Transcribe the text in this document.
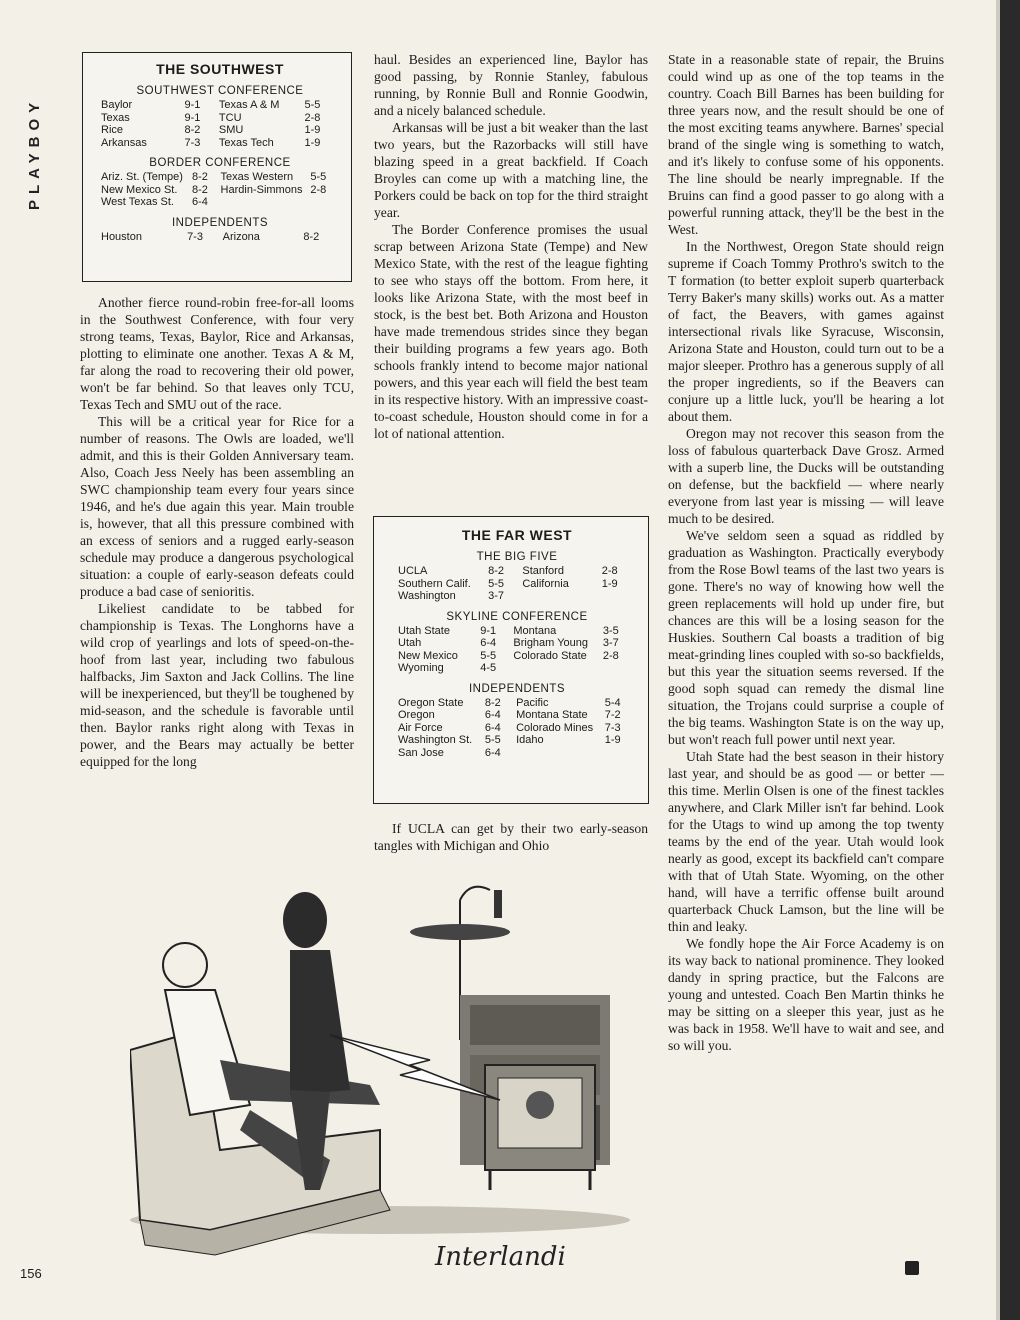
PLAYBOY
THE SOUTHWEST
SOUTHWEST CONFERENCE
Baylor	9-1	Texas A & M	5-5
Texas	9-1	TCU	2-8
Rice	8-2	SMU	1-9
Arkansas	7-3	Texas Tech	1-9
BORDER CONFERENCE
Ariz. St. (Tempe)	8-2	Texas Western	5-5
New Mexico St.	8-2	Hardin-Simmons	2-8
West Texas St.	6-4		
INDEPENDENTS
Houston	7-3	Arizona	8-2

Another fierce round-robin free-for-all looms in the Southwest Conference, with four very strong teams, Texas, Baylor, Rice and Arkansas, plotting to eliminate one another. Texas A & M, far along the road to recovering their old power, won't be far behind. So that leaves only TCU, Texas Tech and SMU out of the race.

This will be a critical year for Rice for a number of reasons. The Owls are loaded, we'll admit, and this is their Golden Anniversary team. Also, Coach Jess Neely has been assembling an SWC championship team every four years since 1946, and he's due again this year. Main trouble is, however, that all this pressure combined with an excess of seniors and a rugged early-season schedule may produce a dangerous psychological situation: a couple of early-season defeats could produce a bad case of senioritis.

Likeliest candidate to be tabbed for championship is Texas. The Longhorns have a wild crop of yearlings and lots of speed-on-the-hoof from last year, including two fabulous halfbacks, Jim Saxton and Jack Collins. The line will be inexperienced, but they'll be toughened by mid-season, and the schedule is favorable until then. Baylor ranks right along with Texas in power, and the Bears may actually be better equipped for the long

haul. Besides an experienced line, Baylor has good passing, by Ronnie Stanley, fabulous running, by Ronnie Bull and Ronnie Goodwin, and a nicely balanced schedule.

Arkansas will be just a bit weaker than the last two years, but the Razorbacks will still have blazing speed in a great backfield. If Coach Broyles can come up with a matching line, the Porkers could be back on top for the third straight year.

The Border Conference promises the usual scrap between Arizona State (Tempe) and New Mexico State, with the rest of the league fighting to see who stays off the bottom. From here, it looks like Arizona State, with the most beef in stock, is the best bet. Both Arizona and Houston have made tremendous strides since they began their building programs a few years ago. Both schools frankly intend to become major national powers, and this year each will field the best team in its respective history. With an impressive coast-to-coast schedule, Houston should come in for a lot of national attention.

THE FAR WEST
THE BIG FIVE
UCLA	8-2	Stanford	2-8
Southern Calif.	5-5	California	1-9
Washington	3-7		
SKYLINE CONFERENCE
Utah State	9-1	Montana	3-5
Utah	6-4	Brigham Young	3-7
New Mexico	5-5	Colorado State	2-8
Wyoming	4-5		
INDEPENDENTS
Oregon State	8-2	Pacific	5-4
Oregon	6-4	Montana State	7-2
Air Force	6-4	Colorado Mines	7-3
Washington St.	5-5	Idaho	1-9
San Jose	6-4		

If UCLA can get by their two early-season tangles with Michigan and Ohio

State in a reasonable state of repair, the Bruins could wind up as one of the top teams in the country. Coach Bill Barnes has been building for three years now, and the result should be one of the most exciting teams anywhere. Barnes' special brand of the single wing is something to watch, and it's likely to confuse some of his opponents. The line should be nearly impregnable. If the Bruins can find a good passer to go along with a powerful running attack, they'll be the best in the West.

In the Northwest, Oregon State should reign supreme if Coach Tommy Prothro's switch to the T formation (to better exploit superb quarterback Terry Baker's many skills) works out. As a matter of fact, the Beavers, with games against intersectional rivals like Syracuse, Wisconsin, Arizona State and Houston, could turn out to be a major sleeper. Prothro has a generous supply of all the proper ingredients, so if the Beavers can conjure up a little luck, you'll be hearing a lot about them.

Oregon may not recover this season from the loss of fabulous quarterback Dave Grosz. Armed with a superb line, the Ducks will be outstanding on defense, but the backfield — where nearly everyone from last year is missing — will leave much to be desired.

We've seldom seen a squad as riddled by graduation as Washington. Practically everybody from the Rose Bowl teams of the last two years is gone. There's no way of knowing how well the green replacements will hold up under fire, but chances are this will be a losing season for the Huskies. Southern Cal boasts a tradition of big meat-grinding lines coupled with so-so backfields, but this year the situation seems reversed. If the good soph squad can remedy the dismal line situation, the Trojans could surprise a couple of the big teams. Washington State is on the way up, but won't reach full power until next year.

Utah State had the best season in their history last year, and should be as good — or better — this time. Merlin Olsen is one of the finest tackles anywhere, and Clark Miller isn't far behind. Look for the Utags to wind up among the top twenty teams by the end of the year. Utah would look nearly as good, except its backfield can't compare with that of Utah State. Wyoming, on the other hand, will have a terrific offense built around quarterback Chuck Lamson, but the line will be thin and leaky.

We fondly hope the Air Force Academy is on its way back to national prominence. They looked dandy in spring practice, but the Falcons are young and untested. Coach Ben Martin thinks he may be sitting on a sleeper this year, just as he was back in 1958. We'll have to wait and see, and so will you.

Interlandi
156
